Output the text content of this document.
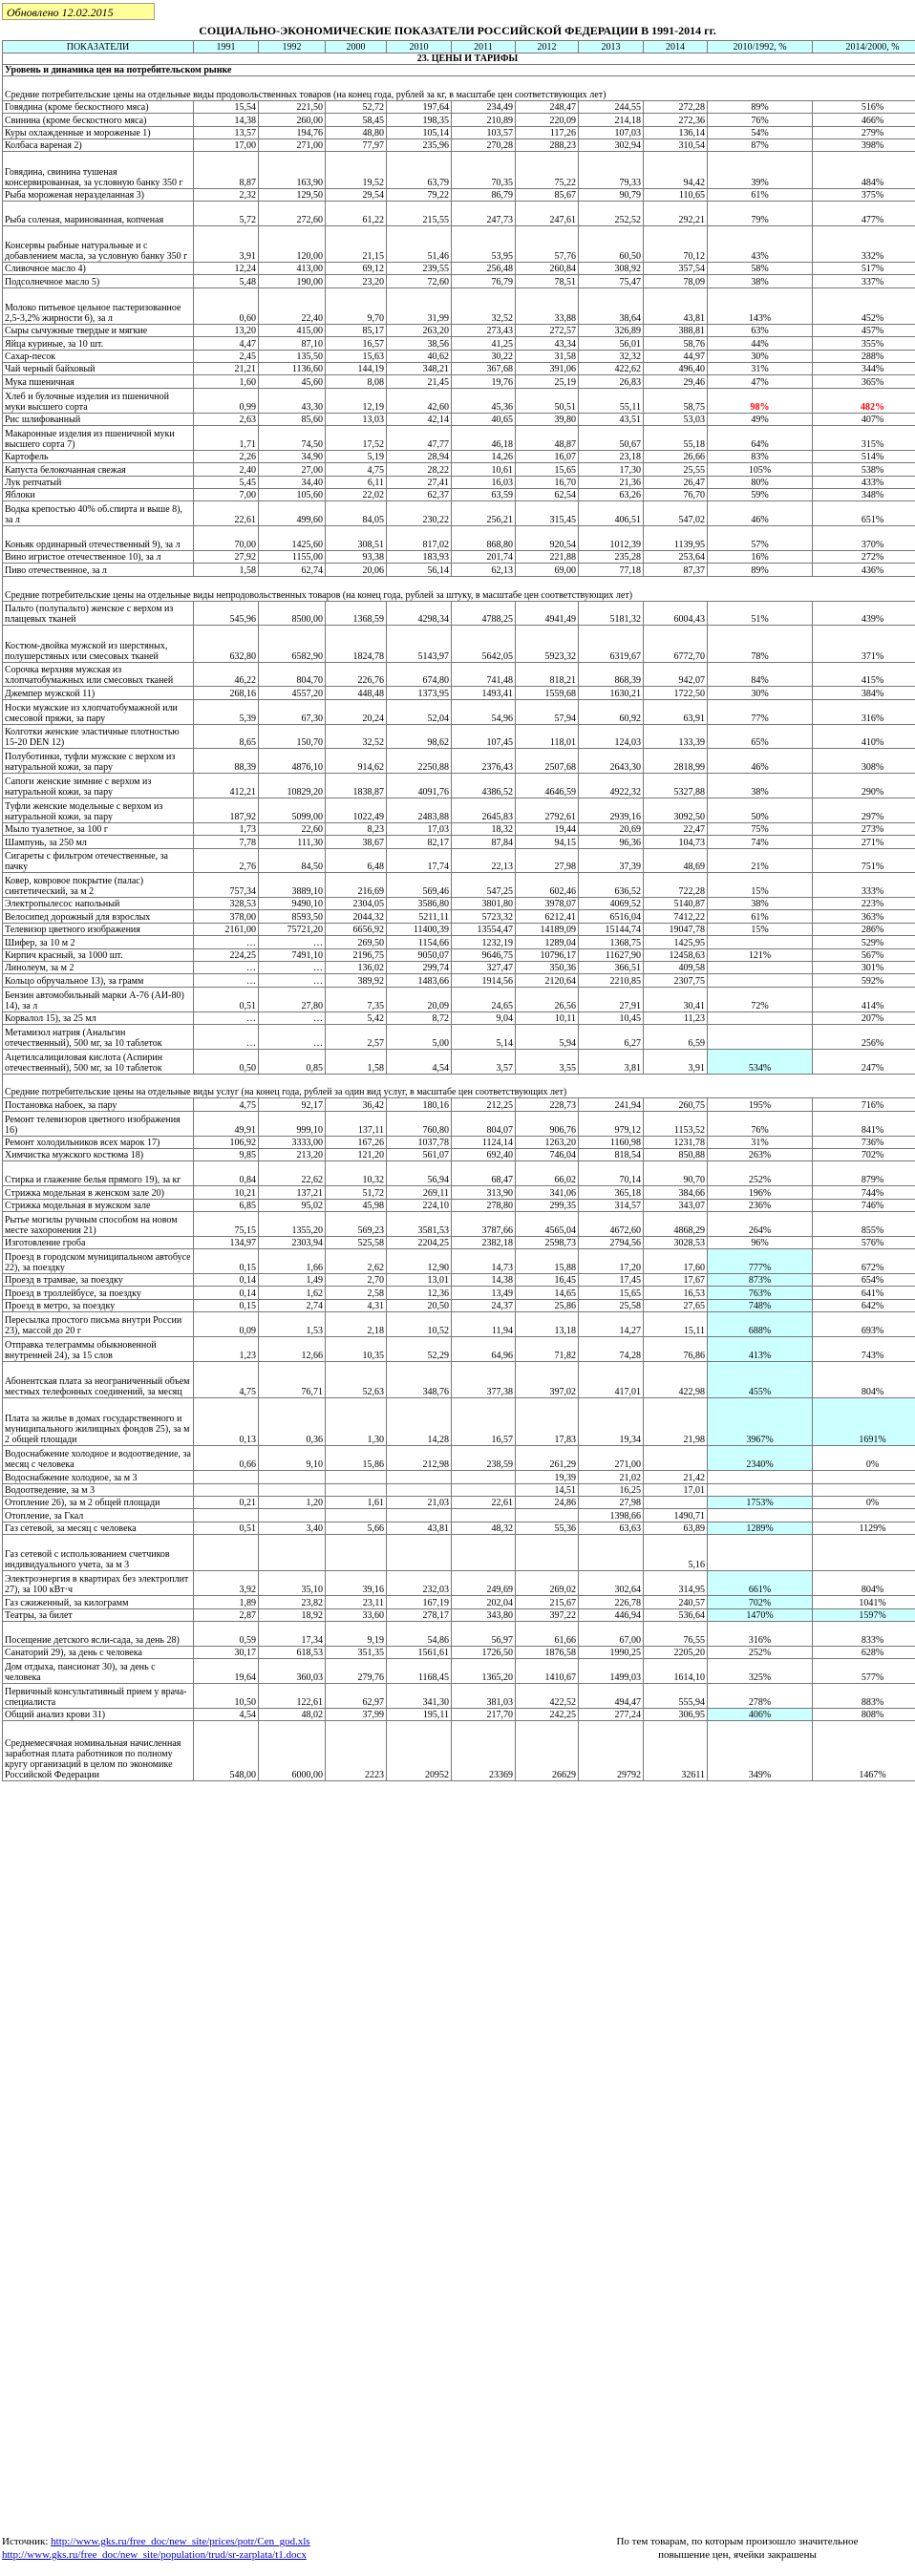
Обновлено 12.02.2015
СОЦИАЛЬНО-ЭКОНОМИЧЕСКИЕ ПОКАЗАТЕЛИ РОССИЙСКОЙ ФЕДЕРАЦИИ В 1991-2014 гг.
ПОКАЗАТЕЛИ	1991	1992	2000	2010	2011	2012	2013	2014	2010/1992, %	2014/2000, %
23. ЦЕНЫ И ТАРИФЫ										
Уровень и динамика цен на потребительском рынке										
Средние потребительские цены на отдельные виды продовольственных товаров (на конец года, рублей за кг, в масштабе цен соответствующих лет)										
Говядина (кроме бескостного мяса)	15,54	221,50	52,72	197,64	234,49	248,47	244,55	272,28	89%	516%
Свинина (кроме бескостного мяса)	14,38	260,00	58,45	198,35	210,89	220,09	214,18	272,36	76%	466%
Куры охлажденные и мороженые 1)	13,57	194,76	48,80	105,14	103,57	117,26	107,03	136,14	54%	279%
Колбаса вареная 2)	17,00	271,00	77,97	235,96	270,28	288,23	302,94	310,54	87%	398%
Говядина, свинина тушеная консервированная, за условную банку 350 г	8,87	163,90	19,52	63,79	70,35	75,22	79,33	94,42	39%	484%
Рыба мороженая неразделанная 3)	2,32	129,50	29,54	79,22	86,79	85,67	90,79	110,65	61%	375%
Рыба соленая, маринованная, копченая	5,72	272,60	61,22	215,55	247,73	247,61	252,52	292,21	79%	477%
Консервы рыбные натуральные и с добавлением масла, за условную банку 350 г	3,91	120,00	21,15	51,46	53,95	57,76	60,50	70,12	43%	332%
Сливочное масло 4)	12,24	413,00	69,12	239,55	256,48	260,84	308,92	357,54	58%	517%
Подсолнечное масло 5)	5,48	190,00	23,20	72,60	76,79	78,51	75,47	78,09	38%	337%
Молоко питьевое цельное пастеризованное 2,5-3,2% жирности 6), за л	0,60	22,40	9,70	31,99	32,52	33,88	38,64	43,81	143%	452%
Сыры сычужные твердые и мягкие	13,20	415,00	85,17	263,20	273,43	272,57	326,89	388,81	63%	457%
Яйца куриные, за 10 шт.	4,47	87,10	16,57	38,56	41,25	43,34	56,01	58,76	44%	355%
Сахар-песок	2,45	135,50	15,63	40,62	30,22	31,58	32,32	44,97	30%	288%
Чай черный байховый	21,21	1136,60	144,19	348,21	367,68	391,06	422,62	496,40	31%	344%
Мука пшеничная	1,60	45,60	8,08	21,45	19,76	25,19	26,83	29,46	47%	365%
Хлеб и булочные изделия из пшеничной муки высшего сорта	0,99	43,30	12,19	42,60	45,36	50,51	55,11	58,75	98%	482%
Рис шлифованный	2,63	85,60	13,03	42,14	40,65	39,80	43,51	53,03	49%	407%
Макаронные изделия из пшеничной муки высшего сорта 7)	1,71	74,50	17,52	47,77	46,18	48,87	50,67	55,18	64%	315%
Картофель	2,26	34,90	5,19	28,94	14,26	16,07	23,18	26,66	83%	514%
Капуста белокочанная свежая	2,40	27,00	4,75	28,22	10,61	15,65	17,30	25,55	105%	538%
Лук репчатый	5,45	34,40	6,11	27,41	16,03	16,70	21,36	26,47	80%	433%
Яблоки	7,00	105,60	22,02	62,37	63,59	62,54	63,26	76,70	59%	348%
Водка крепостью 40% об.спирта и выше 8), за л	22,61	499,60	84,05	230,22	256,21	315,45	406,51	547,02	46%	651%
Коньяк ординарный отечественный 9), за л	70,00	1425,60	308,51	817,02	868,80	920,54	1012,39	1139,95	57%	370%
Вино игристое отечественное 10), за л	27,92	1155,00	93,38	183,93	201,74	221,88	235,28	253,64	16%	272%
Пиво отечественное, за л	1,58	62,74	20,06	56,14	62,13	69,00	77,18	87,37	89%	436%
Средние потребительские цены на отдельные виды непродовольственных товаров (на конец года, рублей за штуку, в масштабе цен соответствующих лет)										
Пальто (полупальто) женское с верхом из плащевых тканей	545,96	8500,00	1368,59	4298,34	4788,25	4941,49	5181,32	6004,43	51%	439%
Костюм-двойка мужской из шерстяных, полушерстяных или смесовых тканей	632,80	6582,90	1824,78	5143,97	5642,05	5923,32	6319,67	6772,70	78%	371%
Сорочка верхняя мужская из хлопчатобумажных или смесовых тканей	46,22	804,70	226,76	674,80	741,48	818,21	868,39	942,07	84%	415%
Джемпер мужской 11)	268,16	4557,20	448,48	1373,95	1493,41	1559,68	1630,21	1722,50	30%	384%
Носки мужские из хлопчатобумажной или смесовой пряжи, за пару	5,39	67,30	20,24	52,04	54,96	57,94	60,92	63,91	77%	316%
Колготки женские эластичные плотностью 15-20 DEN 12)	8,65	150,70	32,52	98,62	107,45	118,01	124,03	133,39	65%	410%
Полуботинки, туфли мужские с верхом из натуральной кожи, за пару	88,39	4876,10	914,62	2250,88	2376,43	2507,68	2643,30	2818,99	46%	308%
Сапоги женские зимние с верхом из натуральной кожи, за пару	412,21	10829,20	1838,87	4091,76	4386,52	4646,59	4922,32	5327,88	38%	290%
Туфли женские модельные с верхом из натуральной кожи, за пару	187,92	5099,00	1022,49	2483,88	2645,83	2792,61	2939,16	3092,50	50%	297%
Мыло туалетное, за 100 г	1,73	22,60	8,23	17,03	18,32	19,44	20,69	22,47	75%	273%
Шампунь, за 250 мл	7,78	111,30	38,67	82,17	87,84	94,15	96,36	104,73	74%	271%
Сигареты с фильтром отечественные, за пачку	2,76	84,50	6,48	17,74	22,13	27,98	37,39	48,69	21%	751%
Ковер, ковровое покрытие (палас) синтетический, за м 2	757,34	3889,10	216,69	569,46	547,25	602,46	636,52	722,28	15%	333%
Электропылесос напольный	328,53	9490,10	2304,05	3586,80	3801,80	3978,07	4069,52	5140,87	38%	223%
Велосипед дорожный для взрослых	378,00	8593,50	2044,32	5211,11	5723,32	6212,41	6516,04	7412,22	61%	363%
Телевизор цветного изображения	2161,00	75721,20	6656,92	11400,39	13554,47	14189,09	15144,74	19047,78	15%	286%
Шифер, за 10 м 2	…	…	269,50	1154,66	1232,19	1289,04	1368,75	1425,95		529%
Кирпич красный, за 1000 шт.	224,25	7491,10	2196,75	9050,07	9646,75	10796,17	11627,90	12458,63	121%	567%
Линолеум, за м 2	…	…	136,02	299,74	327,47	350,36	366,51	409,58		301%
Кольцо обручальное 13), за грамм	…	…	389,92	1483,66	1914,56	2120,64	2210,85	2307,75		592%
Бензин автомобильный марки А-76 (АИ-80) 14), за л	0,51	27,80	7,35	20,09	24,65	26,56	27,91	30,41	72%	414%
Корвалол 15), за 25 мл	…	…	5,42	8,72	9,04	10,11	10,45	11,23		207%
Метамизол натрия (Анальгин отечественный), 500 мг, за 10 таблеток	…	…	2,57	5,00	5,14	5,94	6,27	6,59		256%
Ацетилсалициловая кислота (Аспирин отечественный), 500 мг, за 10 таблеток	0,50	0,85	1,58	4,54	3,57	3,55	3,81	3,91	534%	247%
Средние потребительские цены на отдельные виды услуг (на конец года, рублей за один вид услуг, в масштабе цен соответствующих лет)										
Постановка набоек, за пару	4,75	92,17	36,42	180,16	212,25	228,73	241,94	260,75	195%	716%
Ремонт телевизоров цветного изображения 16)	49,91	999,10	137,11	760,80	804,07	906,76	979,12	1153,52	76%	841%
Ремонт холодильников всех марок 17)	106,92	3333,00	167,26	1037,78	1124,14	1263,20	1160,98	1231,78	31%	736%
Химчистка мужского костюма 18)	9,85	213,20	121,20	561,07	692,40	746,04	818,54	850,88	263%	702%
Стирка и глажение белья прямого 19), за кг	0,84	22,62	10,32	56,94	68,47	66,02	70,14	90,70	252%	879%
Стрижка модельная в женском зале 20)	10,21	137,21	51,72	269,11	313,90	341,06	365,18	384,66	196%	744%
Стрижка модельная в мужском зале	6,85	95,02	45,98	224,10	278,80	299,35	314,57	343,07	236%	746%
Рытье могилы ручным способом на новом месте захоронения 21)	75,15	1355,20	569,23	3581,53	3787,66	4565,04	4672,60	4868,29	264%	855%
Изготовление гроба	134,97	2303,94	525,58	2204,25	2382,18	2598,73	2794,56	3028,53	96%	576%
Проезд в городском муниципальном автобусе 22), за поездку	0,15	1,66	2,62	12,90	14,73	15,88	17,20	17,60	777%	672%
Проезд в трамвае, за поездку	0,14	1,49	2,70	13,01	14,38	16,45	17,45	17,67	873%	654%
Проезд в троллейбусе, за поездку	0,14	1,62	2,58	12,36	13,49	14,65	15,65	16,53	763%	641%
Проезд в метро, за поездку	0,15	2,74	4,31	20,50	24,37	25,86	25,58	27,65	748%	642%
Пересылка простого письма внутри России 23), массой до 20 г	0,09	1,53	2,18	10,52	11,94	13,18	14,27	15,11	688%	693%
Отправка телеграммы обыкновенной внутренней 24), за 15 слов	1,23	12,66	10,35	52,29	64,96	71,82	74,28	76,86	413%	743%
Абонентская плата за неограниченный объем местных телефонных соединений, за месяц	4,75	76,71	52,63	348,76	377,38	397,02	417,01	422,98	455%	804%
Плата за жилье в домах государственного и муниципального жилищных фондов 25), за м 2 общей площади	0,13	0,36	1,30	14,28	16,57	17,83	19,34	21,98	3967%	1691%
Водоснабжение холодное и водоотведение, за месяц с человека	0,66	9,10	15,86	212,98	238,59	261,29	271,00		2340%	0%
Водоснабжение холодное, за м 3						19,39	21,02	21,42		
Водоотведение, за м 3						14,51	16,25	17,01		
Отопление 26), за м 2 общей площади	0,21	1,20	1,61	21,03	22,61	24,86	27,98		1753%	0%
Отопление, за Гкал							1398,66	1490,71		
Газ сетевой, за месяц с человека	0,51	3,40	5,66	43,81	48,32	55,36	63,63	63,89	1289%	1129%
Газ сетевой с использованием счетчиков индивидуального учета, за м 3								5,16		
Электроэнергия в квартирах без электроплит 27), за 100 кВт·ч	3,92	35,10	39,16	232,03	249,69	269,02	302,64	314,95	661%	804%
Газ сжиженный, за килограмм	1,89	23,82	23,11	167,19	202,04	215,67	226,78	240,57	702%	1041%
Театры, за билет	2,87	18,92	33,60	278,17	343,80	397,22	446,94	536,64	1470%	1597%
Посещение детского ясли-сада, за день 28)	0,59	17,34	9,19	54,86	56,97	61,66	67,00	76,55	316%	833%
Санаторий 29), за день с человека	30,17	618,53	351,35	1561,61	1726,50	1876,58	1990,25	2205,20	252%	628%
Дом отдыха, пансионат 30), за день с человека	19,64	360,03	279,76	1168,45	1365,20	1410,67	1499,03	1614,10	325%	577%
Первичный консультативный прием у врача-специалиста	10,50	122,61	62,97	341,30	381,03	422,52	494,47	555,94	278%	883%
Общий анализ крови 31)	4,54	48,02	37,99	195,11	217,70	242,25	277,24	306,95	406%	808%
Среднемесячная номинальная начисленная заработная плата работников по полному кругу организаций в целом по экономике Российской Федерации	548,00	6000,00	2223	20952	23369	26629	29792	32611	349%	1467%
Источник: http://www.gks.ru/free_doc/new_site/prices/potr/Cen_god.xls
http://www.gks.ru/free_doc/new_site/population/trud/sr-zarplata/t1.docx
По тем товарам, по которым произошло значительное
повышение цен, ячейки закрашены
